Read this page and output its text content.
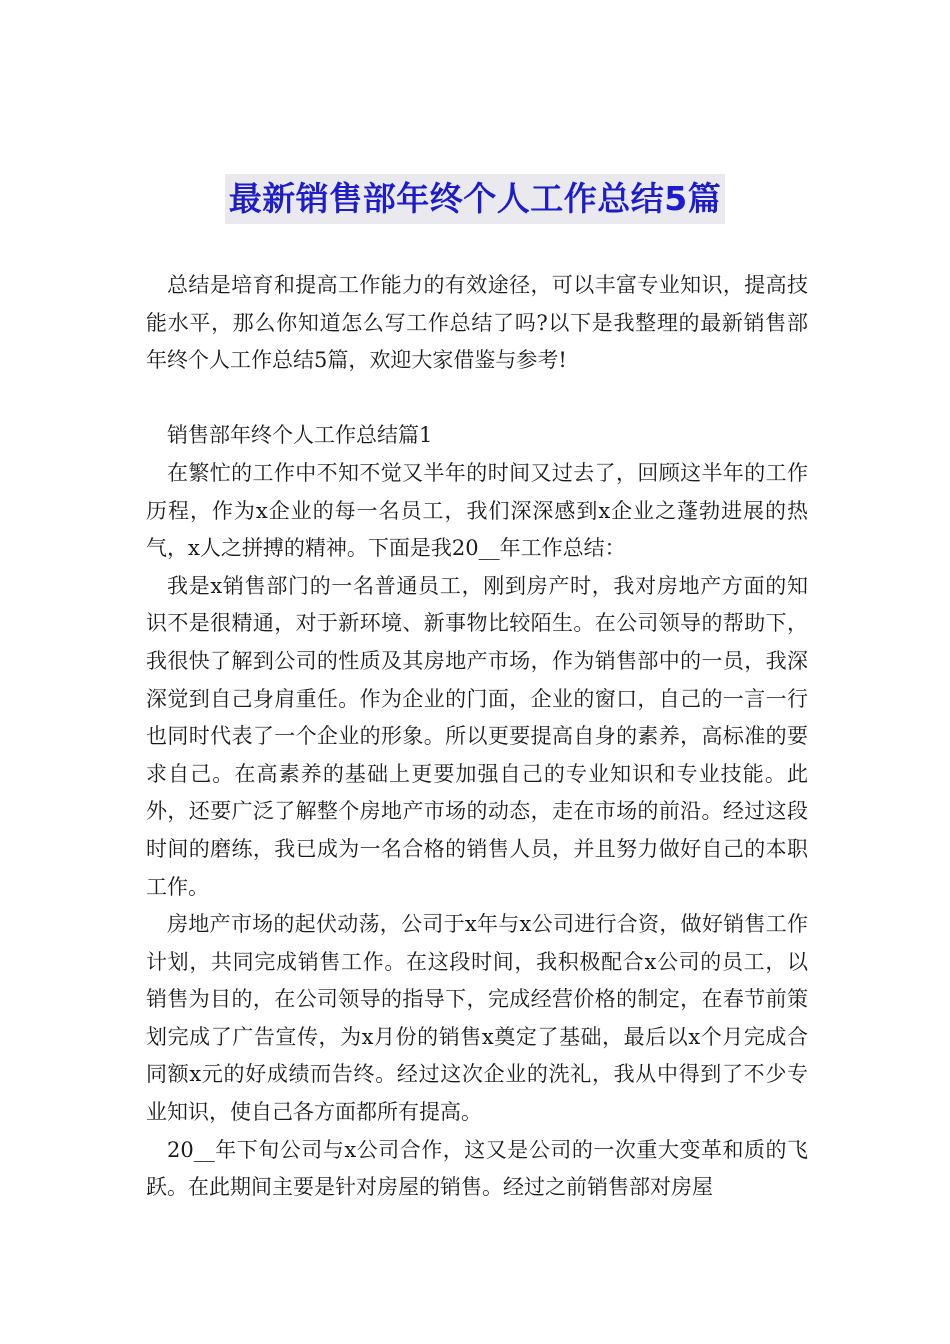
最新销售部年终个人工作总结5篇

总结是培育和提高工作能力的有效途径，可以丰富专业知识，提高技能水平，那么你知道怎么写工作总结了吗?以下是我整理的最新销售部年终个人工作总结5篇，欢迎大家借鉴与参考!

销售部年终个人工作总结篇1

在繁忙的工作中不知不觉又半年的时间又过去了，回顾这半年的工作历程，作为x企业的每一名员工，我们深深感到x企业之蓬勃进展的热气，x人之拼搏的精神。下面是我20__年工作总结：

我是x销售部门的一名普通员工，刚到房产时，我对房地产方面的知识不是很精通，对于新环境、新事物比较陌生。在公司领导的帮助下，我很快了解到公司的性质及其房地产市场，作为销售部中的一员，我深深觉到自己身肩重任。作为企业的门面，企业的窗口，自己的一言一行也同时代表了一个企业的形象。所以更要提高自身的素养，高标准的要求自己。在高素养的基础上更要加强自己的专业知识和专业技能。此外，还要广泛了解整个房地产市场的动态，走在市场的前沿。经过这段时间的磨练，我已成为一名合格的销售人员，并且努力做好自己的本职工作。

房地产市场的起伏动荡，公司于x年与x公司进行合资，做好销售工作计划，共同完成销售工作。在这段时间，我积极配合x公司的员工，以销售为目的，在公司领导的指导下，完成经营价格的制定，在春节前策划完成了广告宣传，为x月份的销售x奠定了基础，最后以x个月完成合同额x元的好成绩而告终。经过这次企业的洗礼，我从中得到了不少专业知识，使自己各方面都所有提高。

20__年下旬公司与x公司合作，这又是公司的一次重大变革和质的飞跃。在此期间主要是针对房屋的销售。经过之前销售部对房屋
